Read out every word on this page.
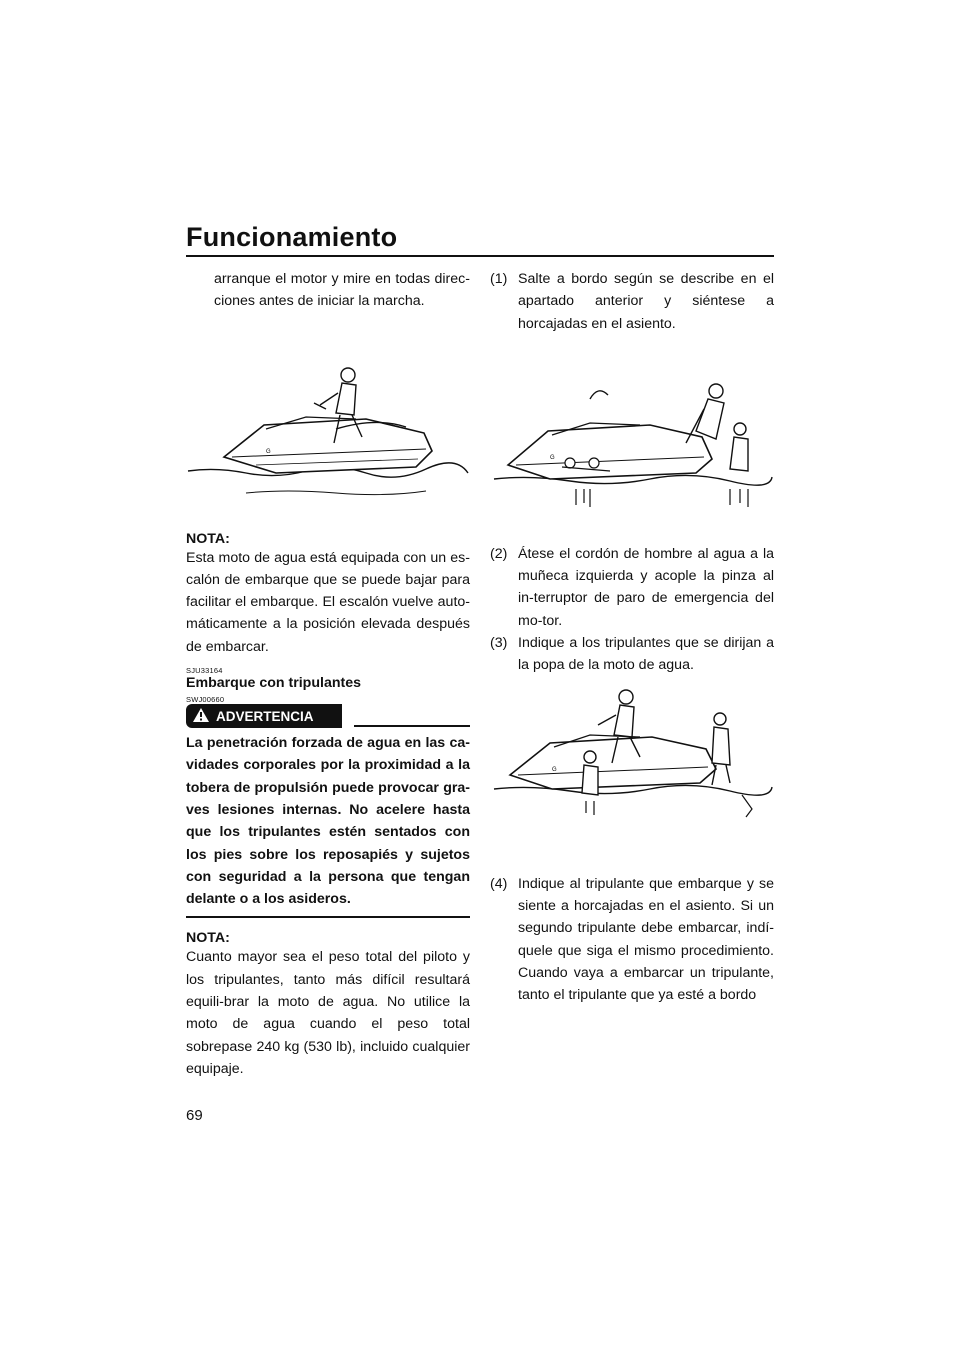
Funcionamiento

arranque el motor y mire en todas direc-ciones antes de iniciar la marcha.

G

NOTA:

Esta moto de agua está equipada con un es-calón de embarque que se puede bajar para facilitar el embarque. El escalón vuelve auto-máticamente a la posición elevada después de embarcar.

SJU33164

Embarque con tripulantes

SWJ00660

ADVERTENCIA

La penetración forzada de agua en las ca-vidades corporales por la proximidad a la tobera de propulsión puede provocar gra-ves lesiones internas. No acelere hasta que los tripulantes estén sentados con los pies sobre los reposapiés y sujetos con seguridad a la persona que tengan delante o a los asideros.

NOTA:

Cuanto mayor sea el peso total del piloto y los tripulantes, tanto más difícil resultará equili-brar la moto de agua. No utilice la moto de agua cuando el peso total sobrepase 240 kg (530 lb), incluido cualquier equipaje.

(1) Salte a bordo según se describe en el apartado anterior y siéntese a horcajadas en el asiento.
G
(2) Átese el cordón de hombre al agua a la muñeca izquierda y acople la pinza al in-terruptor de paro de emergencia del mo-tor.
(3) Indique a los tripulantes que se dirijan a la popa de la moto de agua.
G
(4) Indique al tripulante que embarque y se siente a horcajadas en el asiento. Si un segundo tripulante debe embarcar, indí-quele que siga el mismo procedimiento. Cuando vaya a embarcar un tripulante, tanto el tripulante que ya esté a bordo
69
